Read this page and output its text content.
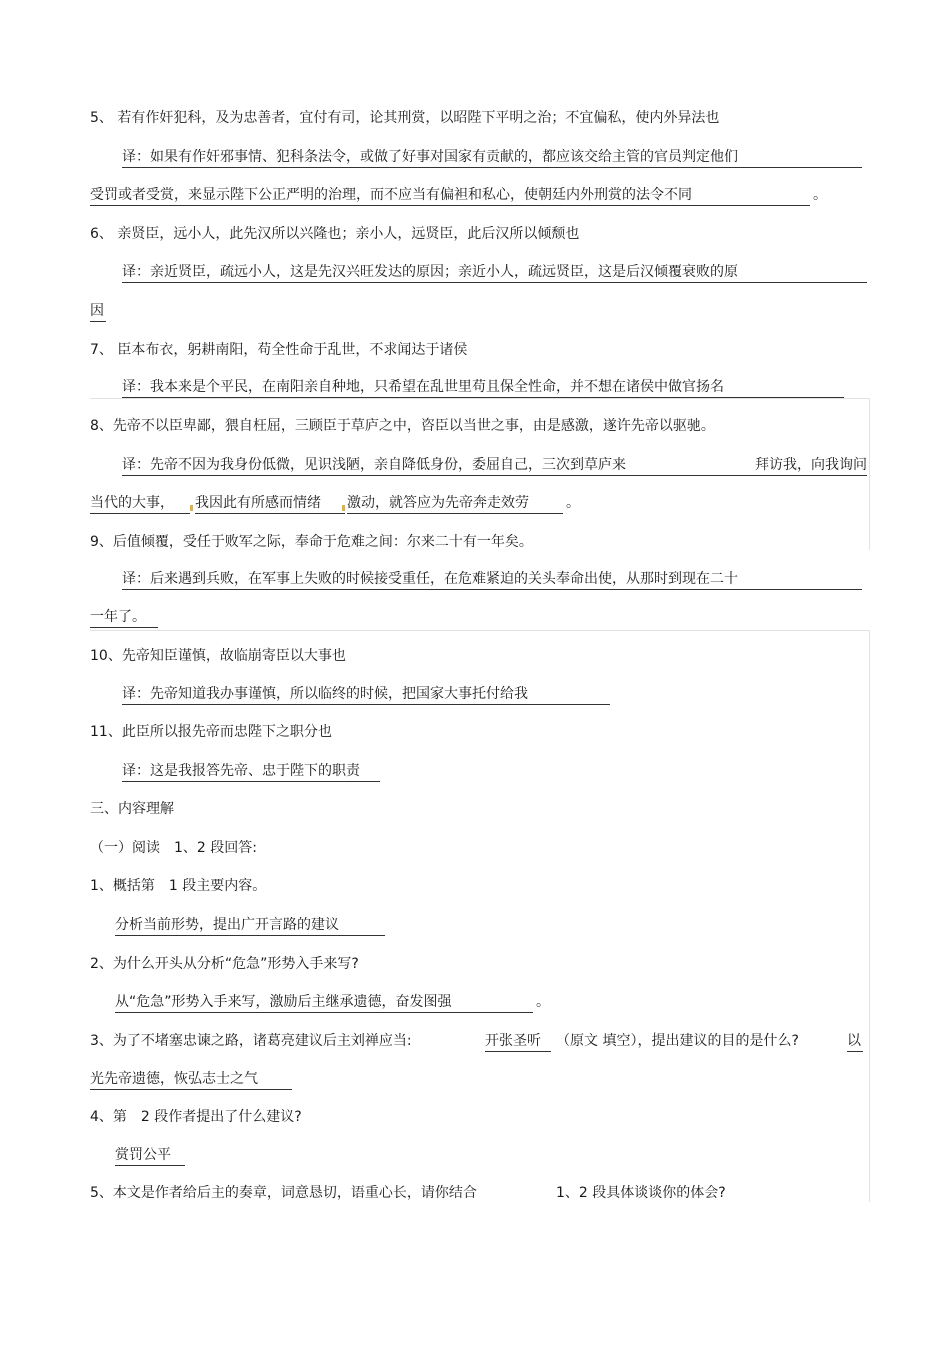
5、 若有作奸犯科，及为忠善者，宜付有司，论其刑赏，以昭陛下平明之治；不宜偏私，使内外异法也
译：如果有作奸邪事情、犯科条法令，或做了好事对国家有贡献的，都应该交给主管的官员判定他们
受罚或者受赏，来显示陛下公正严明的治理，而不应当有偏袒和私心，使朝廷内外刑赏的法令不同	。
6、 亲贤臣，远小人，此先汉所以兴隆也；亲小人，远贤臣，此后汉所以倾颓也
译：亲近贤臣，疏远小人，这是先汉兴旺发达的原因；亲近小人，疏远贤臣，这是后汉倾覆衰败的原
因
7、 臣本布衣，躬耕南阳，苟全性命于乱世，不求闻达于诸侯
译：我本来是个平民，在南阳亲自种地，只希望在乱世里苟且保全性命，并不想在诸侯中做官扬名
8、先帝不以臣卑鄙，猥自枉屈，三顾臣于草庐之中，咨臣以当世之事，由是感激，遂许先帝以驱驰。
译：先帝不因为我身份低微，见识浅陋，亲自降低身份，委屈自己，三次到草庐来	拜访我，向我询问
当代的大事，	我因此有所感而情绪	激动，就答应为先帝奔走效劳	。
9、后值倾覆，受任于败军之际，奉命于危难之间：尔来二十有一年矣。
译：后来遇到兵败，在军事上失败的时候接受重任，在危难紧迫的关头奉命出使，从那时到现在二十
一年了。
10、先帝知臣谨慎，故临崩寄臣以大事也
译：先帝知道我办事谨慎，所以临终的时候，把国家大事托付给我
11、此臣所以报先帝而忠陛下之职分也
译：这是我报答先帝、忠于陛下的职责
三、内容理解
（一）阅读　1、2 段回答:
1、概括第　1 段主要内容。
分析当前形势，提出广开言路的建议
2、为什么开头从分析“危急”形势入手来写?
从“危急”形势入手来写，激励后主继承遗德，奋发图强	。
3、为了不堵塞忠谏之路，诸葛亮建议后主刘禅应当:	开张圣听	（原文 填空），提出建议的目的是什么?	以
光先帝遗德，恢弘志士之气
4、第　2 段作者提出了什么建议?
赏罚公平
5、本文是作者给后主的奏章，词意恳切，语重心长，请你结合	1、2 段具体谈谈你的体会?
